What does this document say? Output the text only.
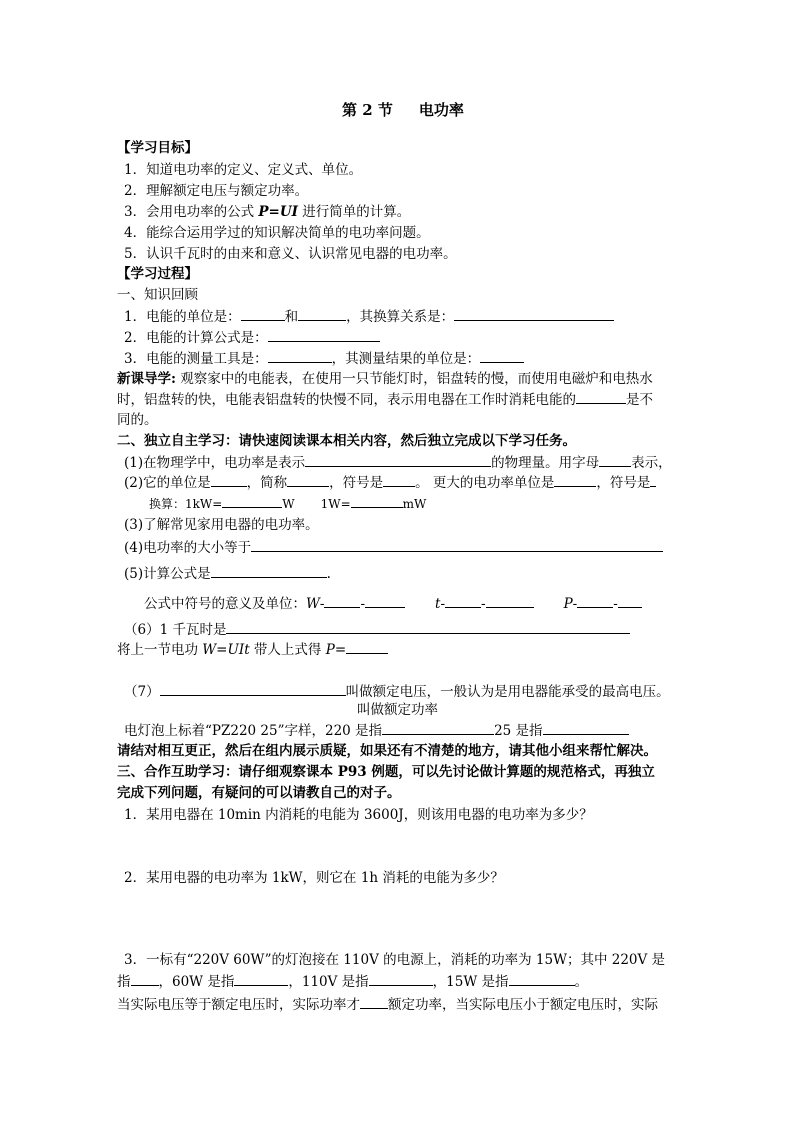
第 2 节 电功率
【学习目标】
1．知道电功率的定义、定义式、单位。
2．理解额定电压与额定功率。
3．会用电功率的公式 P=UI 进行简单的计算。
4．能综合运用学过的知识解决简单的电功率问题。
5．认识千瓦时的由来和意义、认识常见电器的电功率。
【学习过程】
一、知识回顾
1．电能的单位是：	和	，其换算关系是：
2．电能的计算公式是：
3．电能的测量工具是：	，其测量结果的单位是：
新课导学: 观察家中的电能表，在使用一只节能灯时，铝盘转的慢，而使用电磁炉和电热水
时，铝盘转的快，电能表铝盘转的快慢不同，表示用电器在工作时消耗电能的	是不
同的。
二、独立自主学习：请快速阅读课本相关内容，然后独立完成以下学习任务。
(1)在物理学中，电功率是表示	的物理量。用字母 表示，
(2)它的单位是	，简称	，符号是 。 更大的电功率单位是	，符号是
换算：1kW=	W 1W=	mW
(3)了解常见家用电器的电功率。
(4)电功率的大小等于
(5)计算公式是	.
公式中符号的意义及单位：W-	-	t-	-	P-	-
（6）1 千瓦时是
将上一节电功 W=UIt 带人上式得 P=
（7）	叫做额定电压，一般认为是用电器能承受的最高电压。
叫做额定功率
电灯泡上标着“PZ220 25”字样，220 是指	25 是指
请结对相互更正，然后在组内展示质疑，如果还有不清楚的地方，请其他小组来帮忙解决。
三、合作互助学习：请仔细观察课本 P93 例题，可以先讨论做计算题的规范格式，再独立
完成下列问题，有疑问的可以请教自己的对子。
1．某用电器在 10min 内消耗的电能为 3600J，则该用电器的电功率为多少？
2．某用电器的电功率为 1kW，则它在 1h 消耗的电能为多少？
3．一标有“220V 60W”的灯泡接在 110V 的电源上，消耗的功率为 15W；其中 220V 是
指 ，60W 是指	，110V 是指	，15W 是指	。
当实际电压等于额定电压时，实际功率才 额定功率，当实际电压小于额定电压时，实际
